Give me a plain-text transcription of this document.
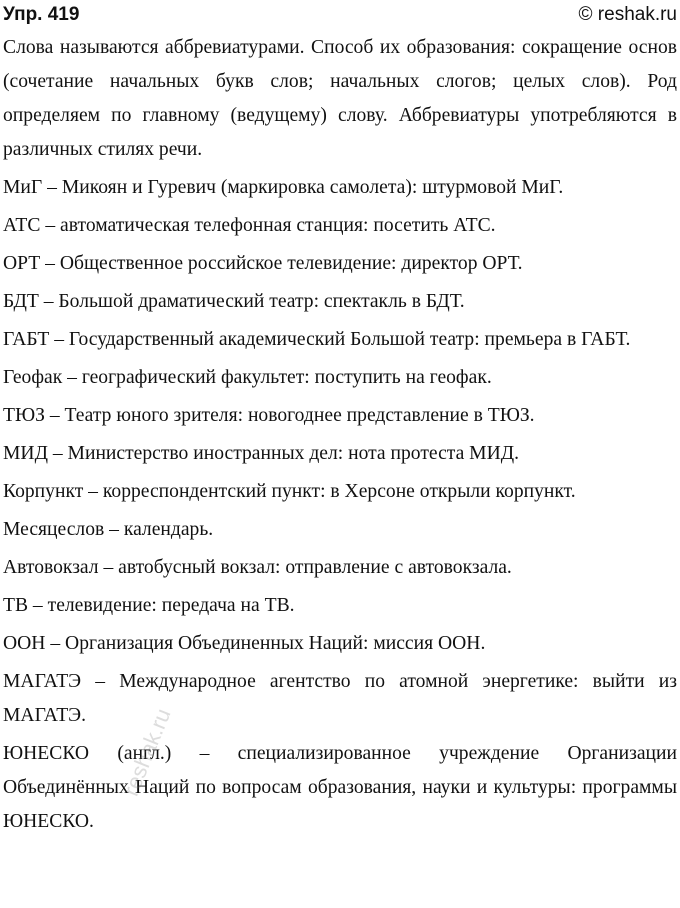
Упр. 419	© reshak.ru

Слова называются аббревиатурами. Способ их образования: сокращение основ (сочетание начальных букв слов; начальных слогов; целых слов). Род определяем по главному (ведущему) слову. Аббревиатуры употребляются в различных стилях речи.

МиГ – Микоян и Гуревич (маркировка самолета): штурмовой МиГ.

АТС – автоматическая телефонная станция: посетить АТС.

ОРТ – Общественное российское телевидение: директор ОРТ.

БДТ – Большой драматический театр: спектакль в БДТ.

ГАБТ – Государственный академический Большой театр: премьера в ГАБТ.

Геофак – географический факультет: поступить на геофак.

ТЮЗ – Театр юного зрителя: новогоднее представление в ТЮЗ.

МИД – Министерство иностранных дел: нота протеста МИД.

Корпункт – корреспондентский пункт: в Херсоне открыли корпункт.

Месяцеслов – календарь.

Автовокзал – автобусный вокзал: отправление с автовокзала.

ТВ – телевидение: передача на ТВ.

ООН – Организация Объединенных Наций: миссия ООН.

МАГАТЭ – Международное агентство по атомной энергетике: выйти из МАГАТЭ.

ЮНЕСКО (англ.) – специализированное учреждение Организации Объединённых Наций по вопросам образования, науки и культуры: программы ЮНЕСКО.

reshak.ru
